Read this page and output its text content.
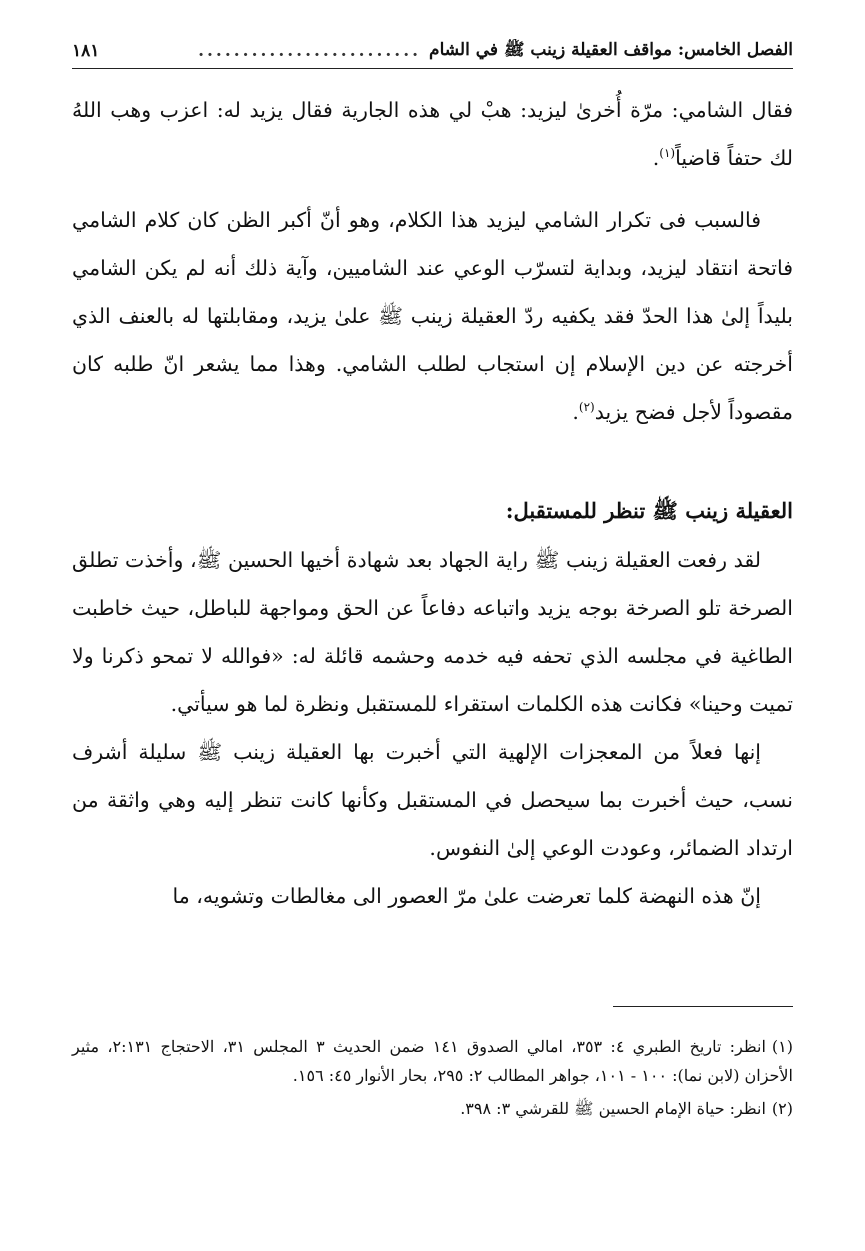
الفصل الخامس: مواقف العقيلة زينب ﷺ في الشام
.........................
١٨١

فقال الشامي: مرّة أُخرىٰ ليزيد: هبْ لي هذه الجارية فقال يزيد له: اعزب وهب اللهُ لك حتفاً قاضياً$^{(١)}$.

فالسبب فى تكرار الشامي ليزيد هذا الكلام، وهو أنّ أكبر الظن كان كلام الشامي فاتحة انتقاد ليزيد، وبداية لتسرّب الوعي عند الشاميين، وآية ذلك أنه لم يكن الشامي بليداً إلىٰ هذا الحدّ فقد يكفيه ردّ العقيلة زينب ﷺ علىٰ يزيد، ومقابلتها له بالعنف الذي أخرجته عن دين الإسلام إن استجاب لطلب الشامي. وهذا مما يشعر انّ طلبه كان مقصوداً لأجل فضح يزيد$^{(٢)}$.

العقيلة زينب ﷺ تنظر للمستقبل:

لقد رفعت العقيلة زينب ﷺ راية الجهاد بعد شهادة أخيها الحسين ﷺ، وأخذت تطلق الصرخة تلو الصرخة بوجه يزيد واتباعه دفاعاً عن الحق ومواجهة للباطل، حيث خاطبت الطاغية في مجلسه الذي تحفه فيه خدمه وحشمه قائلة له: «فوالله لا تمحو ذكرنا ولا تميت وحينا» فكانت هذه الكلمات استقراء للمستقبل ونظرة لما هو سيأتي.

إنها فعلاً من المعجزات الإلهية التي أخبرت بها العقيلة زينب ﷺ سليلة أشرف نسب، حيث أخبرت بما سيحصل في المستقبل وكأنها كانت تنظر إليه وهي واثقة من ارتداد الضمائر، وعودت الوعي إلىٰ النفوس.

إنّ هذه النهضة كلما تعرضت علىٰ مرّ العصور الى مغالطات وتشويه، ما

(١)انظر: تاريخ الطبري ٤: ٣٥٣، امالي الصدوق ١٤١ ضمن الحديث ٣ المجلس ٣١، الاحتجاج ٢:١٣١، مثير الأحزان (لابن نما): ١٠٠ - ١٠١، جواهر المطالب ٢: ٢٩٥، بحار الأنوار ٤٥: ١٥٦.

(٢)انظر: حياة الإمام الحسين ﷺ للقرشي ٣: ٣٩٨.
